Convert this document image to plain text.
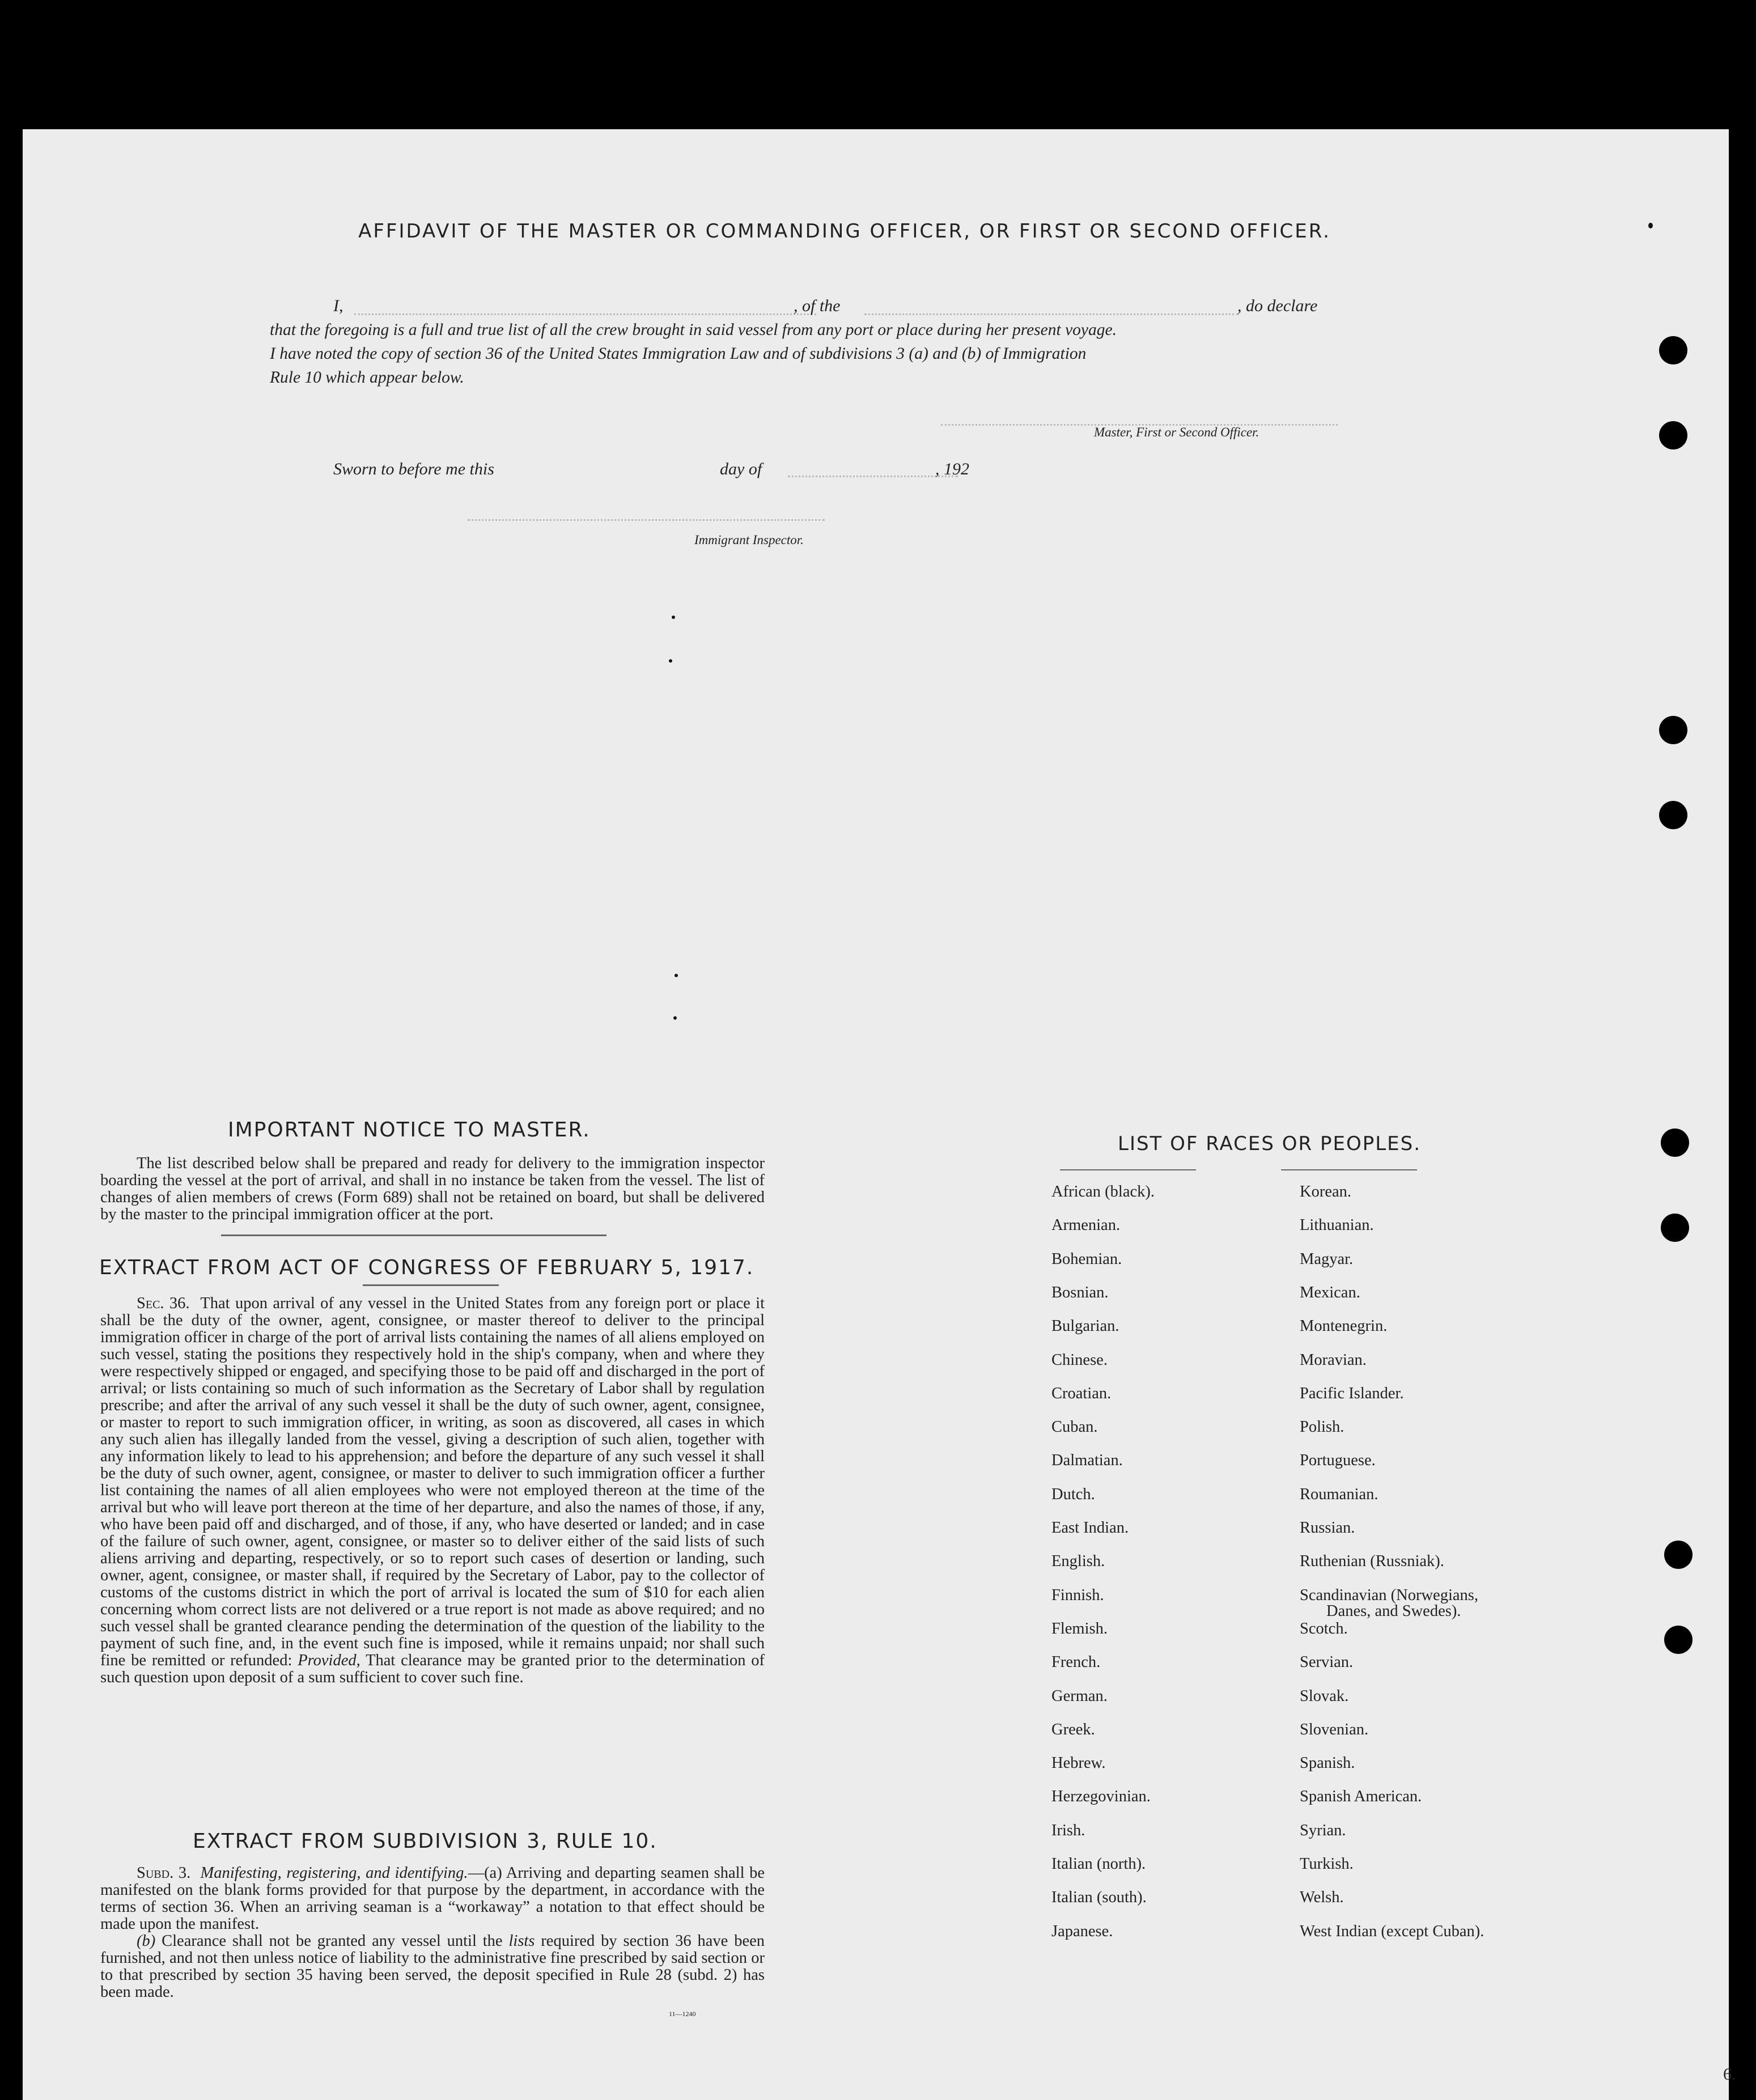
AFFIDAVIT OF THE MASTER OR COMMANDING OFFICER, OR FIRST OR SECOND OFFICER.
I,	, of the	, do declare
that the foregoing is a full and true list of all the crew brought in said vessel from any port or place during her present voyage.
I have noted the copy of section 36 of the United States Immigration Law and of subdivisions 3 (a) and (b) of Immigration
Rule 10 which appear below.
Master, First or Second Officer.
Sworn to before me this	day of	, 192
Immigrant Inspector.
IMPORTANT NOTICE TO MASTER.

The list described below shall be prepared and ready for delivery to the immigration inspector boarding the vessel at the port of arrival, and shall in no instance be taken from the vessel. The list of changes of alien members of crews (Form 689) shall not be retained on board, but shall be delivered by the master to the principal immigration officer at the port.

EXTRACT FROM ACT OF CONGRESS OF FEBRUARY 5, 1917.

Sec. 36. That upon arrival of any vessel in the United States from any foreign port or place it shall be the duty of the owner, agent, consignee, or master thereof to deliver to the principal immigration officer in charge of the port of arrival lists containing the names of all aliens employed on such vessel, stating the positions they respectively hold in the ship's company, when and where they were respectively shipped or engaged, and specifying those to be paid off and discharged in the port of arrival; or lists containing so much of such information as the Secretary of Labor shall by regulation prescribe; and after the arrival of any such vessel it shall be the duty of such owner, agent, consignee, or master to report to such immigration officer, in writing, as soon as discovered, all cases in which any such alien has illegally landed from the vessel, giving a description of such alien, together with any information likely to lead to his apprehension; and before the departure of any such vessel it shall be the duty of such owner, agent, consignee, or master to deliver to such immigration officer a further list containing the names of all alien employees who were not employed thereon at the time of the arrival but who will leave port thereon at the time of her departure, and also the names of those, if any, who have been paid off and discharged, and of those, if any, who have deserted or landed; and in case of the failure of such owner, agent, consignee, or master so to deliver either of the said lists of such aliens arriving and departing, respectively, or so to report such cases of desertion or landing, such owner, agent, consignee, or master shall, if required by the Secretary of Labor, pay to the collector of customs of the customs district in which the port of arrival is located the sum of $10 for each alien concerning whom correct lists are not delivered or a true report is not made as above required; and no such vessel shall be granted clearance pending the determination of the question of the liability to the payment of such fine, and, in the event such fine is imposed, while it remains unpaid; nor shall such fine be remitted or refunded: Provided, That clearance may be granted prior to the determination of such question upon deposit of a sum sufficient to cover such fine.

EXTRACT FROM SUBDIVISION 3, RULE 10.

Subd. 3. Manifesting, registering, and identifying.—(a) Arriving and departing seamen shall be manifested on the blank forms provided for that purpose by the department, in accordance with the terms of section 36. When an arriving seaman is a “workaway” a notation to that effect should be made upon the manifest.

(b) Clearance shall not be granted any vessel until the lists required by section 36 have been furnished, and not then unless notice of liability to the administrative fine prescribed by said section or to that prescribed by section 35 having been served, the deposit specified in Rule 28 (subd. 2) has been made.

11—1240
LIST OF RACES OR PEOPLES.
African (black).
Armenian.
Bohemian.
Bosnian.
Bulgarian.
Chinese.
Croatian.
Cuban.
Dalmatian.
Dutch.
East Indian.
English.
Finnish.
Flemish.
French.
German.
Greek.
Hebrew.
Herzegovinian.
Irish.
Italian (north).
Italian (south).
Japanese.
Korean.
Lithuanian.
Magyar.
Mexican.
Montenegrin.
Moravian.
Pacific Islander.
Polish.
Portuguese.
Roumanian.
Russian.
Ruthenian (Russniak).
Scandinavian (Norwegians,
Danes, and Swedes).
Scotch.
Servian.
Slovak.
Slovenian.
Spanish.
Spanish American.
Syrian.
Turkish.
Welsh.
West Indian (except Cuban).
6.
